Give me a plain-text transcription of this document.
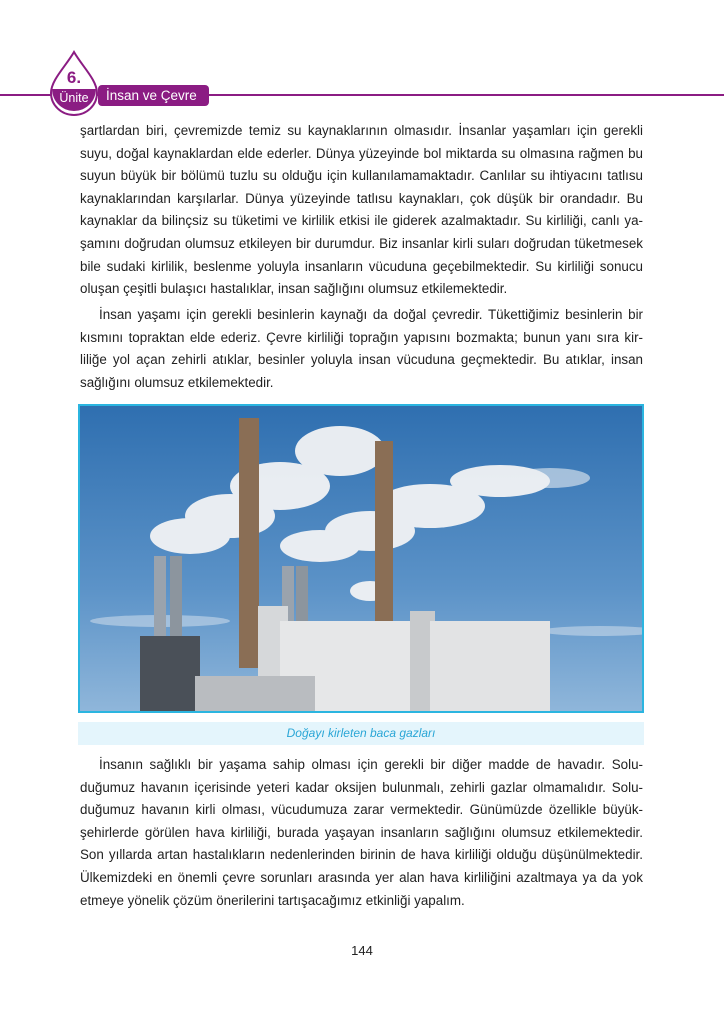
6.
Ünite	İnsan ve Çevre
şartlardan biri, çevremizde temiz su kaynaklarının olmasıdır. İnsanlar yaşamları için gerekli
suyu, doğal kaynaklardan elde ederler. Dünya yüzeyinde bol miktarda su olmasına rağmen bu
suyun büyük bir bölümü tuzlu su olduğu için kullanılamamaktadır. Canlılar su ihtiyacını tatlısu
kaynaklarından karşılarlar. Dünya yüzeyinde tatlısu kaynakları, çok düşük bir orandadır. Bu
kaynaklar da bilinçsiz su tüketimi ve kirlilik etkisi ile giderek azalmaktadır. Su kirliliği, canlı ya-
şamını doğrudan olumsuz etkileyen bir durumdur. Biz insanlar kirli suları doğrudan tüketmesek
bile sudaki kirlilik, beslenme yoluyla insanların vücuduna geçebilmektedir. Su kirliliği sonucu
oluşan çeşitli bulaşıcı hastalıklar, insan sağlığını olumsuz etkilemektedir.
İnsan yaşamı için gerekli besinlerin kaynağı da doğal çevredir. Tükettiğimiz besinlerin bir
kısmını topraktan elde ederiz. Çevre kirliliği toprağın yapısını bozmakta; bunun yanı sıra kir-
liliğe yol açan zehirli atıklar, besinler yoluyla insan vücuduna geçmektedir. Bu atıklar, insan
sağlığını olumsuz etkilemektedir.
Doğayı kirleten baca gazları
İnsanın sağlıklı bir yaşama sahip olması için gerekli bir diğer madde de havadır. Solu-
duğumuz havanın içerisinde yeteri kadar oksijen bulunmalı, zehirli gazlar olmamalıdır. Solu-
duğumuz havanın kirli olması, vücudumuza zarar vermektedir. Günümüzde özellikle büyük-
şehirlerde görülen hava kirliliği, burada yaşayan insanların sağlığını olumsuz etkilemektedir.
Son yıllarda artan hastalıkların nedenlerinden birinin de hava kirliliği olduğu düşünülmektedir.
Ülkemizdeki en önemli çevre sorunları arasında yer alan hava kirliliğini azaltmaya ya da yok
etmeye yönelik çözüm önerilerini tartışacağımız etkinliği yapalım.
144
